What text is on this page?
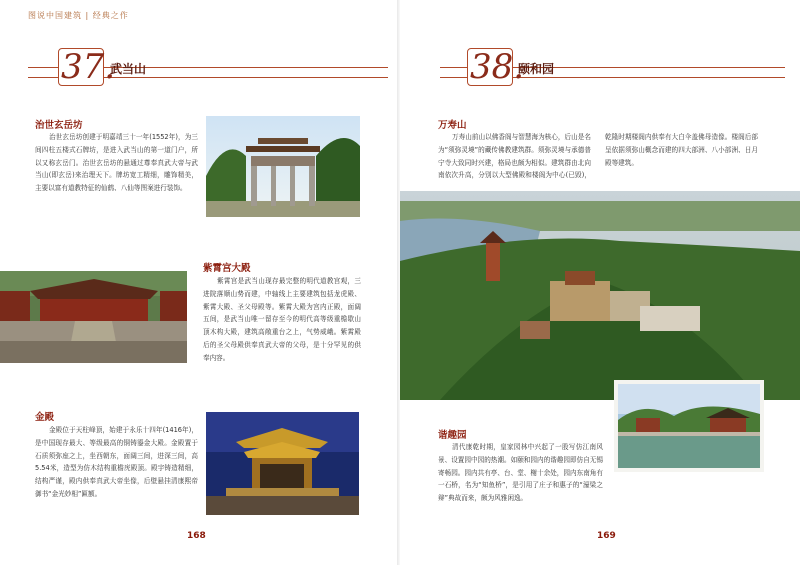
图说中国建筑 | 经典之作
37.
武当山
治世玄岳坊
治世玄岳坊创建于明嘉靖三十一年(1552年)，为三间四柱五楼式石牌坊，是进入武当山的第一道门户，所以又称玄岳门。治世玄岳坊的悬通过尊奉真武大帝与武当山(即玄岳)来治理天下。牌坊宽工精细，雕饰精美，主要以富有道教特征的仙鹤、八仙等图案进行装饰。
紫霄宫大殿
紫霄宫是武当山现存最完整的明代道教宫观，三进院落顺山势而建，中轴线上主要建筑包括龙虎殿、紫霄大殿、圣父母殿等。紫霄大殿为宫内正殿，面阔五间，是武当山唯一留存至今的明代高等级重檐歇山顶木构大殿，建筑高敞重台之上，气势威峨。紫霄殿后的圣父母殿供奉真武大帝的父母，是十分罕见的供奉内容。
金殿
金殿位于天柱峰顶，始建于永乐十四年(1416年)，是中国现存最大、等级最高的铜铸鎏金大殿。金殿置于石质须弥座之上，坐西朝东，面阔三间，进深三间，高5.54米，造型为仿木结构重檐庑殿顶。殿宇铸造精细，结构严谨，殿内供奉真武大帝坐像，后壁悬挂清康熙帝御书“金光妙相”匾额。
168
38.
颐和园
万寿山
万寿山前山以佛香阁与智慧海为核心，后山是名为“须弥灵境”的藏传佛教建筑群。须弥灵境与承德普宁寺大致同时兴建，格局也颇为相似。建筑群由北向南依次升高，分别以大型佛殿和楼阁为中心(已毁)，乾隆时期楼阁内供奉有大白伞盖佛母造像。楼阁后部呈依据须弥山概念而建的四大部洲、八小部洲、日月殿等建筑。
谐趣园
清代康乾时期，皇家园林中兴起了一股写仿江南风景、设置园中园的热潮。如颐和园内的谐趣园即仿自无锡寄畅园。园内共有亭、台、堂、榭十余处，园内东南角有一石桥，名为“知鱼桥”，是引用了庄子和惠子的“濠梁之辩”典故而来，颇为风雅闲逸。
169
